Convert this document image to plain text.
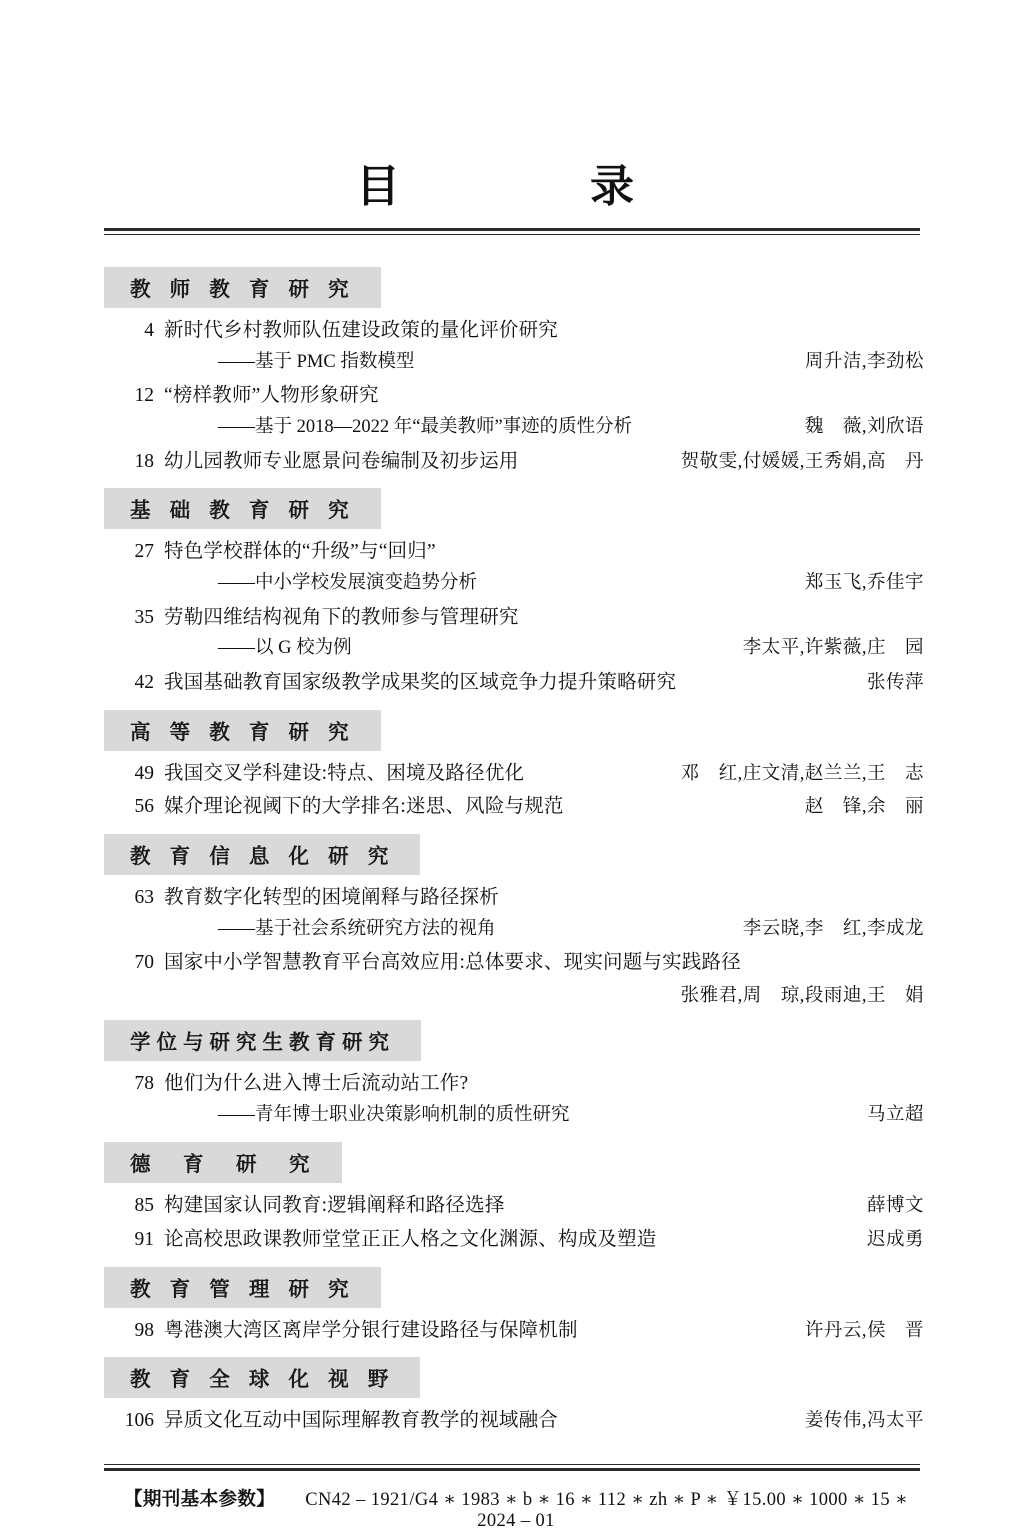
目　　录
教 师 教 育 研 究
4 新时代乡村教师队伍建设政策的量化评价研究
——基于 PMC 指数模型	周升洁,李劲松
12 “榜样教师”人物形象研究
——基于 2018—2022 年“最美教师”事迹的质性分析	魏　薇,刘欣语
18 幼儿园教师专业愿景问卷编制及初步运用	贺敬雯,付媛媛,王秀娟,高　丹
基 础 教 育 研 究
27 特色学校群体的“升级”与“回归”
——中小学校发展演变趋势分析	郑玉飞,乔佳宇
35 劳勒四维结构视角下的教师参与管理研究
——以 G 校为例	李太平,许紫薇,庄　园
42 我国基础教育国家级教学成果奖的区域竞争力提升策略研究	张传萍
高 等 教 育 研 究
49 我国交叉学科建设:特点、困境及路径优化	邓　红,庄文清,赵兰兰,王　志
56 媒介理论视阈下的大学排名:迷思、风险与规范	赵　锋,余　丽
教 育 信 息 化 研 究
63 教育数字化转型的困境阐释与路径探析
——基于社会系统研究方法的视角	李云晓,李　红,李成龙
70 国家中小学智慧教育平台高效应用:总体要求、现实问题与实践路径
张雅君,周　琼,段雨迪,王　娟
学位与研究生教育研究
78 他们为什么进入博士后流动站工作?
——青年博士职业决策影响机制的质性研究	马立超
德　育　研　究
85 构建国家认同教育:逻辑阐释和路径选择	薛博文
91 论高校思政课教师堂堂正正人格之文化渊源、构成及塑造	迟成勇
教 育 管 理 研 究
98 粤港澳大湾区离岸学分银行建设路径与保障机制	许丹云,侯　晋
教 育 全 球 化 视 野
106 异质文化互动中国际理解教育教学的视域融合	姜传伟,冯太平
【期刊基本参数】 CN42 – 1921/G4 ∗ 1983 ∗ b ∗ 16 ∗ 112 ∗ zh ∗ P ∗ ￥15.00 ∗ 1000 ∗ 15 ∗ 2024 – 01
